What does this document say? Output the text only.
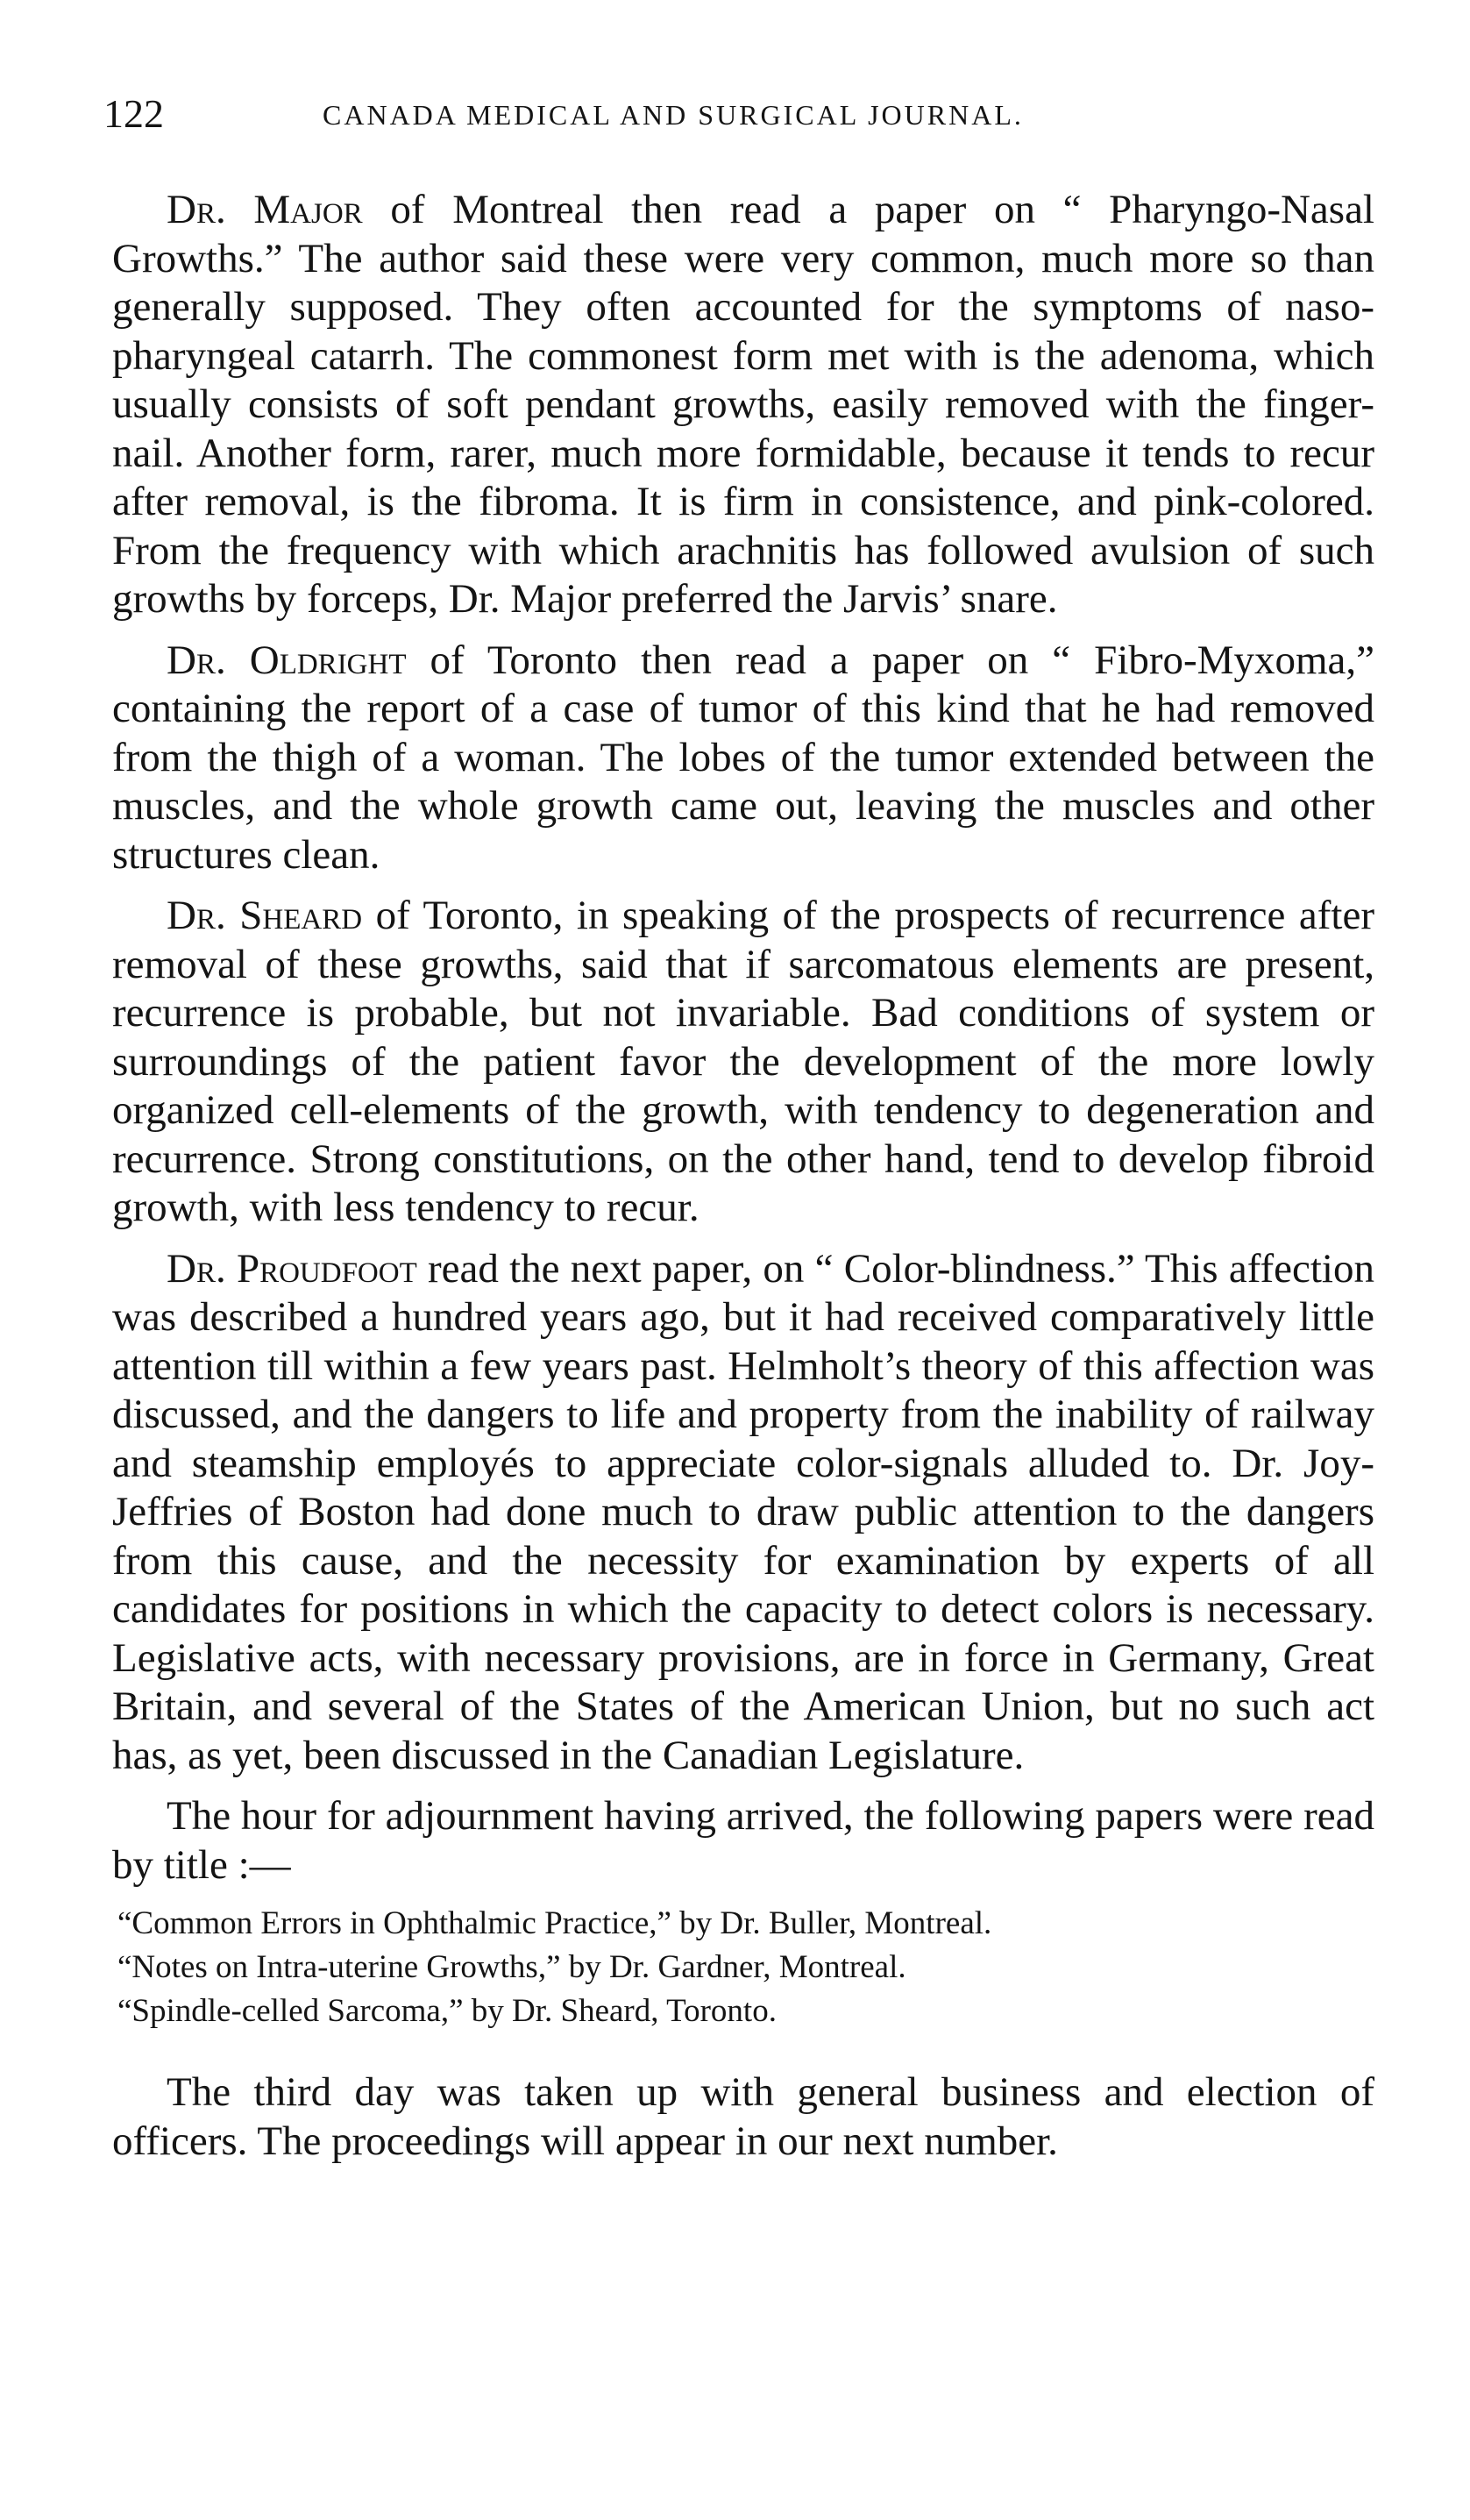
122	CANADA MEDICAL AND SURGICAL JOURNAL.

Dr. Major of Montreal then read a paper on “ Pharyngo-Nasal Growths.” The author said these were very common, much more so than generally supposed. They often accounted for the symptoms of naso-pharyngeal catarrh. The commonest form met with is the adenoma, which usually consists of soft pendant growths, easily removed with the finger-nail. Another form, rarer, much more formidable, because it tends to recur after removal, is the fibroma. It is firm in consistence, and pink-colored. From the frequency with which arachnitis has followed avulsion of such growths by forceps, Dr. Major preferred the Jarvis’ snare.

Dr. Oldright of Toronto then read a paper on “ Fibro-Myxoma,” containing the report of a case of tumor of this kind that he had removed from the thigh of a woman. The lobes of the tumor extended between the muscles, and the whole growth came out, leaving the muscles and other structures clean.

Dr. Sheard of Toronto, in speaking of the prospects of recurrence after removal of these growths, said that if sarcomatous elements are present, recurrence is probable, but not invariable. Bad conditions of system or surroundings of the patient favor the development of the more lowly organized cell-elements of the growth, with tendency to degeneration and recurrence. Strong constitutions, on the other hand, tend to develop fibroid growth, with less tendency to recur.

Dr. Proudfoot read the next paper, on “ Color-blindness.” This affection was described a hundred years ago, but it had received comparatively little attention till within a few years past. Helmholt’s theory of this affection was discussed, and the dangers to life and property from the inability of railway and steamship employés to appreciate color-signals alluded to. Dr. Joy-Jeffries of Boston had done much to draw public attention to the dangers from this cause, and the necessity for examination by experts of all candidates for positions in which the capacity to detect colors is necessary. Legislative acts, with necessary provisions, are in force in Germany, Great Britain, and several of the States of the American Union, but no such act has, as yet, been discussed in the Canadian Legislature.

The hour for adjournment having arrived, the following papers were read by title :—

“Common Errors in Ophthalmic Practice,” by Dr. Buller, Montreal.
“Notes on Intra-uterine Growths,” by Dr. Gardner, Montreal.
“Spindle-celled Sarcoma,” by Dr. Sheard, Toronto.

The third day was taken up with general business and election of officers. The proceedings will appear in our next number.
